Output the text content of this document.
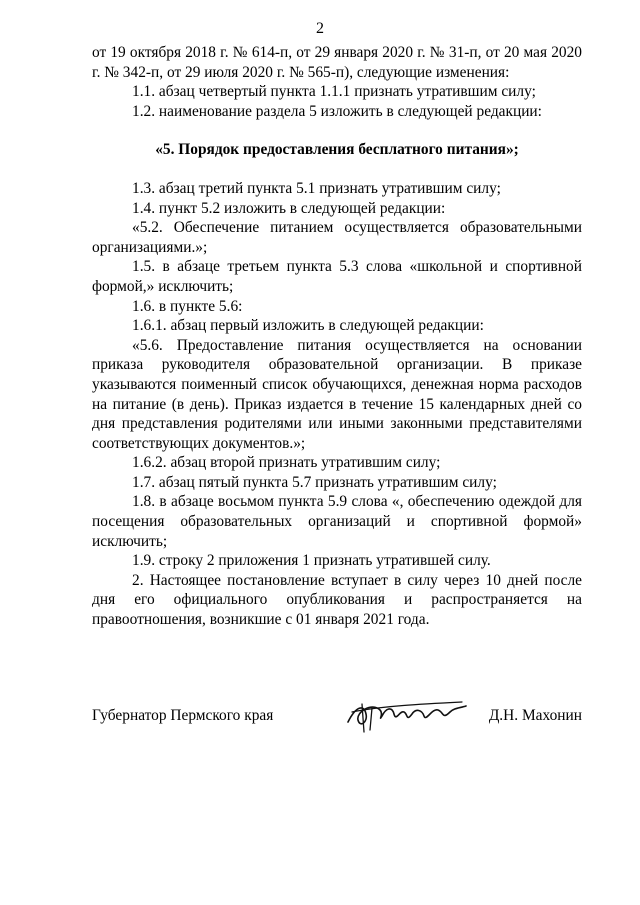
2

от 19 октября 2018 г. № 614-п, от 29 января 2020 г. № 31-п, от 20 мая 2020 г. № 342-п, от 29 июля 2020 г. № 565-п), следующие изменения:

1.1. абзац четвертый пункта 1.1.1 признать утратившим силу;

1.2. наименование раздела 5 изложить в следующей редакции:

«5. Порядок предоставления бесплатного питания»;

1.3. абзац третий пункта 5.1 признать утратившим силу;

1.4. пункт 5.2 изложить в следующей редакции:

«5.2. Обеспечение питанием осуществляется образовательными организациями.»;

1.5. в абзаце третьем пункта 5.3 слова «школьной и спортивной формой,» исключить;

1.6. в пункте 5.6:

1.6.1. абзац первый изложить в следующей редакции:

«5.6. Предоставление питания осуществляется на основании приказа руководителя образовательной организации. В приказе указываются поименный список обучающихся, денежная норма расходов на питание (в день). Приказ издается в течение 15 календарных дней со дня представления родителями или иными законными представителями соответствующих документов.»;

1.6.2. абзац второй признать утратившим силу;

1.7. абзац пятый пункта 5.7 признать утратившим силу;

1.8. в абзаце восьмом пункта 5.9 слова «, обеспечению одеждой для посещения образовательных организаций и спортивной формой» исключить;

1.9. строку 2 приложения 1 признать утратившей силу.

2. Настоящее постановление вступает в силу через 10 дней после дня его официального опубликования и распространяется на правоотношения, возникшие с 01 января 2021 года.

Губернатор Пермского края	Д.Н. Махонин
